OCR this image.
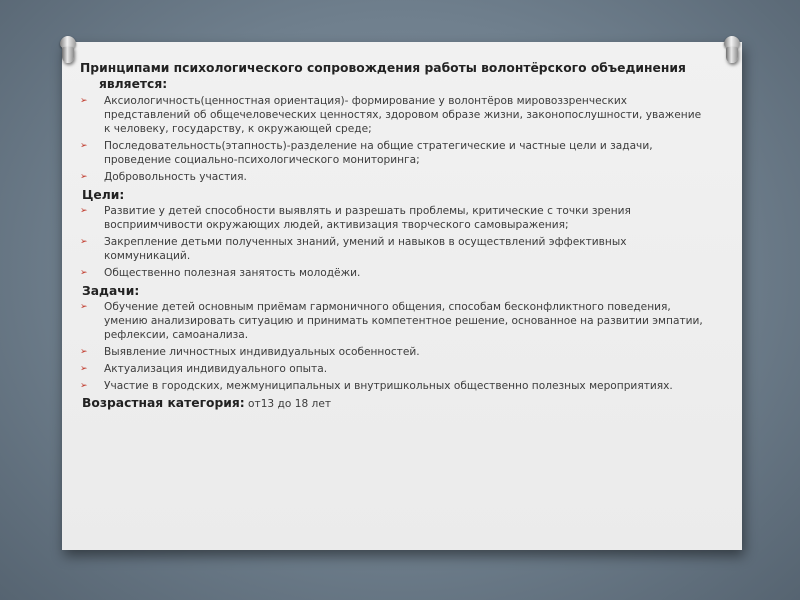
Принципами психологического сопровождения работы волонтёрского объединения
является:
➢ Аксиологичность(ценностная ориентация)- формирование у волонтёров мировоззренческих представлений об общечеловеческих ценностях, здоровом образе жизни, законопослушности, уважение к человеку, государству, к окружающей среде;
➢ Последовательность(этапность)-разделение на общие стратегические и частные цели и задачи, проведение социально-психологического мониторинга;
➢ Добровольность участия.
Цели:
➢ Развитие у детей способности выявлять и разрешать проблемы, критические с точки зрения восприимчивости окружающих людей, активизация творческого самовыражения;
➢ Закрепление детьми полученных знаний, умений и навыков в осуществлений эффективных коммуникаций.
➢ Общественно полезная занятость молодёжи.
Задачи:
➢ Обучение детей основным приёмам гармоничного общения, способам бесконфликтного поведения, умению анализировать ситуацию и принимать компетентное решение, основанное на развитии эмпатии, рефлексии, самоанализа.
➢ Выявление личностных индивидуальных особенностей.
➢ Актуализация индивидуального опыта.
➢ Участие в городских, межмуниципальных и внутришкольных общественно полезных мероприятиях.
Возрастная категория: от13 до 18 лет
